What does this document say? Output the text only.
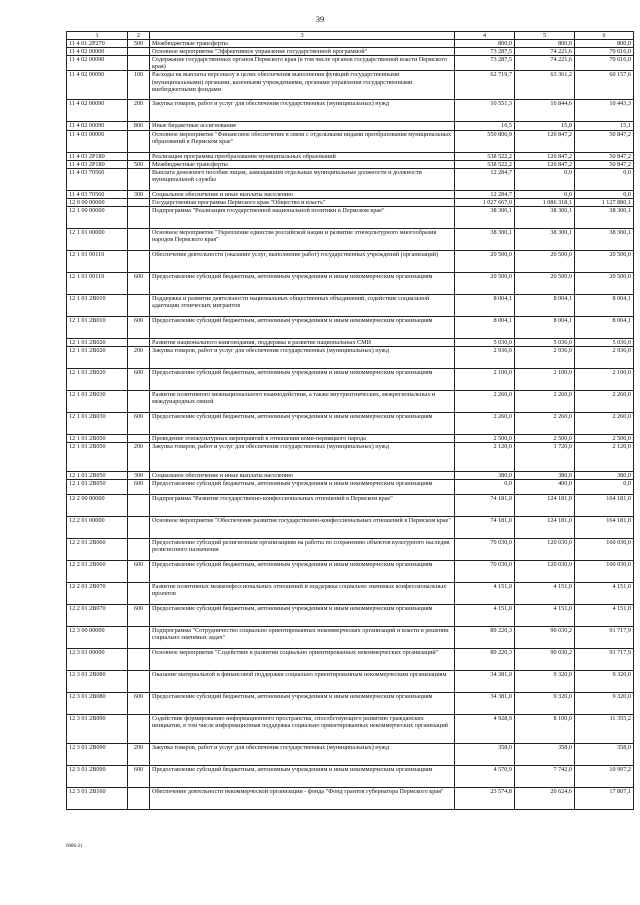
39
1	2	3	4	5	6
11 4 01 2P270	500	Межбюджетные трансферты	800,0	800,0	800,0
11 4 02 00000		Основное мероприятие "Эффективное управление государственной программой"	73 287,5	74 221,6	70 616,0
11 4 02 00090		Содержание государственных органов Пермского края (в том числе органов государственной власти Пермского края)	73 287,5	74 221,6	70 616,0
11 4 02 00090	100	Расходы на выплаты персоналу в целях обеспечения выполнения функций государственными (муниципальными) органами, казенными учреждениями, органами управления государственными внебюджетными фондами	62 719,7	63 361,2	60 157,6
11 4 02 00090	200	Закупка товаров, работ и услуг для обеспечения государственных (муниципальных) нужд	10 551,3	10 844,6	10 443,3
11 4 02 00090	800	Иные бюджетные ассигнования	16,5	15,8	15,1
11 4 03 00000		Основное мероприятие "Финансовое обеспечение в связи с отдельными видами преобразования муниципальных образований в Пермском крае"	550 806,9	120 847,2	50 847,2
11 4 03 2P180		Реализация программы преобразования муниципальных образований	538 522,2	120 847,2	50 847,2
11 4 03 2P180	500	Межбюджетные трансферты	538 522,2	120 847,2	50 847,2
11 4 03 70560		Выплата денежного пособия лицам, замещавшим отдельные муниципальные должности и должности муниципальной службы	12 284,7	0,0	0,0
11 4 03 70560	300	Социальное обеспечение и иные выплаты населению	12 284,7	0,0	0,0
12 0 00 00000		Государственная программа Пермского края "Общество и власть"	1 027 667,0	1 086 318,1	1 127 880,1
12 1 00 00000		Подпрограмма "Реализация государственной национальной политики в Пермском крае"	38 300,1	38 300,1	38 300,1
12 1 01 00000		Основное мероприятие "Укрепление единства российской нации и развитие этнокультурного многообразия народов Пермского края"	38 300,1	38 300,1	38 300,1
12 1 01 00110		Обеспечение деятельности (оказание услуг, выполнение работ) государственных учреждений (организаций)	20 500,0	20 500,0	20 500,0
12 1 01 00110	600	Предоставление субсидий бюджетным, автономным учреждениям и иным некоммерческим организациям	20 500,0	20 500,0	20 500,0
12 1 01 2В010		Поддержка и развитие деятельности национальных общественных объединений, содействие социальной адаптации этнических мигрантов	8 004,1	8 004,1	8 004,1
12 1 01 2В010	600	Предоставление субсидий бюджетным, автономным учреждениям и иным некоммерческим организациям	8 004,1	8 004,1	8 004,1
12 1 01 2В020		Развитие национального книгоиздания, поддержка и развитие национальных СМИ	5 036,0	5 036,0	5 036,0
12 1 01 2В020	200	Закупка товаров, работ и услуг для обеспечения государственных (муниципальных) нужд	2 936,0	2 936,0	2 936,0
12 1 01 2В020	600	Предоставление субсидий бюджетным, автономным учреждениям и иным некоммерческим организациям	2 100,0	2 100,0	2 100,0
12 1 01 2В030		Развитие позитивного межнационального взаимодействия, а также внутриэтнических, межрегиональных и международных связей	2 260,0	2 260,0	2 260,0
12 1 01 2В030	600	Предоставление субсидий бюджетным, автономным учреждениям и иным некоммерческим организациям	2 260,0	2 260,0	2 260,0
12 1 01 2В050		Проведение этнокультурных мероприятий в отношении коми-пермяцкого народа	2 500,0	2 500,0	2 500,0
12 1 01 2В050	200	Закупка товаров, работ и услуг для обеспечения государственных (муниципальных) нужд	2 120,0	1 720,0	2 120,0
12 1 01 2В050	300	Социальное обеспечение и иные выплаты населению	380,0	380,0	380,0
12 1 01 2В050	600	Предоставление субсидий бюджетным, автономным учреждениям и иным некоммерческим организациям	0,0	400,0	0,0
12 2 00 00000		Подпрограмма "Развитие государственно-конфессиональных отношений в Пермском крае"	74 181,0	124 181,0	164 181,0
12 2 01 00000		Основное мероприятие "Обеспечение развития государственно-конфессиональных отношений в Пермском крае"	74 181,0	124 181,0	164 181,0
12 2 01 2В060		Предоставление субсидий религиозным организациям на работы по сохранению объектов культурного наследия религиозного назначения	70 030,0	120 030,0	160 030,0
12 2 01 2В060	600	Предоставление субсидий бюджетным, автономным учреждениям и иным некоммерческим организациям	70 030,0	120 030,0	160 030,0
12 2 01 2В070		Развитие позитивных межконфессиональных отношений и поддержка социально значимых конфессиональных проектов	4 151,0	4 151,0	4 151,0
12 2 01 2В070	600	Предоставление субсидий бюджетным, автономным учреждениям и иным некоммерческим организациям	4 151,0	4 151,0	4 151,0
12 3 00 00000		Подпрограмма "Сотрудничество социально ориентированных некоммерческих организаций и власти в решении социально значимых задач"	89 220,3	90 030,2	91 717,9
12 3 01 00000		Основное мероприятие "Содействие в развитии социально ориентированных некоммерческих организаций"	89 220,3	90 030,2	91 717,9
12 3 01 2В080		Оказание материальной и финансовой поддержки социально ориентированным некоммерческим организациям	34 381,0	9 320,0	9 320,0
12 3 01 2В080	600	Предоставление субсидий бюджетным, автономным учреждениям и иным некоммерческим организациям	34 381,0	9 320,0	9 320,0
12 3 01 2В090		Содействие формированию информационного пространства, способствующего развитию гражданских инициатив, в том числе информационная поддержка социально ориентированных некоммерческих организаций	4 928,9	8 100,0	11 355,2
12 3 01 2В090	200	Закупка товаров, работ и услуг для обеспечения государственных (муниципальных) нужд	358,0	358,0	358,0
12 3 01 2В090	600	Предоставление субсидий бюджетным, автономным учреждениям и иным некоммерческим организациям	4 570,9	7 742,0	10 997,2
12 3 01 2В160		Обеспечение деятельности некоммерческой организации - фонда "Фонд грантов губернатора Пермского края"	23 574,8	20 624,6	17 807,1
6086-21
